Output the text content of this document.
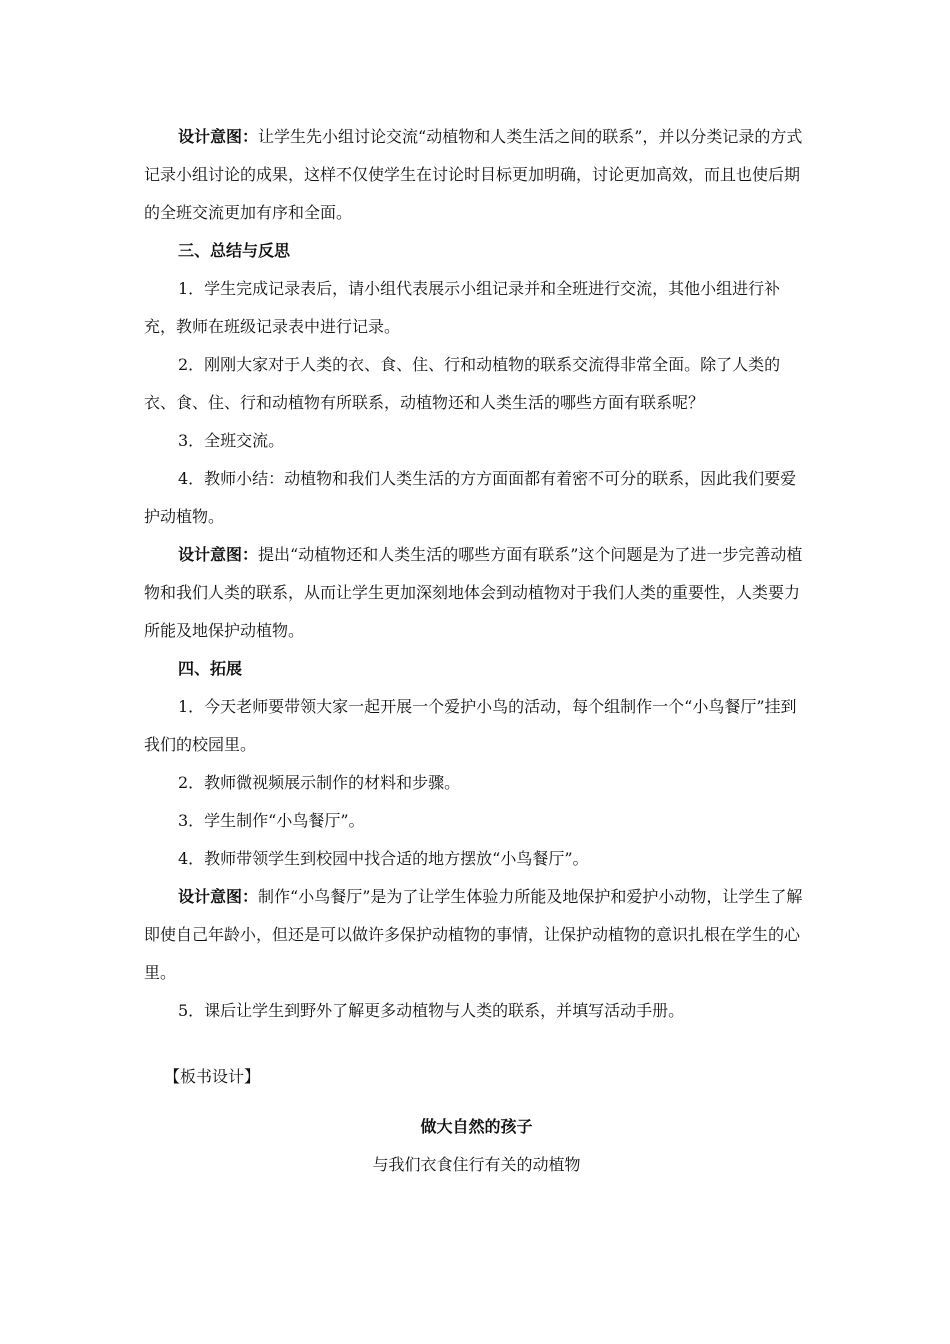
设计意图：让学生先小组讨论交流“动植物和人类生活之间的联系”，并以分类记录的方式记录小组讨论的成果，这样不仅使学生在讨论时目标更加明确，讨论更加高效，而且也使后期的全班交流更加有序和全面。

三、总结与反思

1．学生完成记录表后，请小组代表展示小组记录并和全班进行交流，其他小组进行补充，教师在班级记录表中进行记录。

2．刚刚大家对于人类的衣、食、住、行和动植物的联系交流得非常全面。除了人类的衣、食、住、行和动植物有所联系，动植物还和人类生活的哪些方面有联系呢？

3．全班交流。

4．教师小结：动植物和我们人类生活的方方面面都有着密不可分的联系，因此我们要爱护动植物。

设计意图：提出“动植物还和人类生活的哪些方面有联系”这个问题是为了进一步完善动植物和我们人类的联系，从而让学生更加深刻地体会到动植物对于我们人类的重要性，人类要力所能及地保护动植物。

四、拓展

1．今天老师要带领大家一起开展一个爱护小鸟的活动，每个组制作一个“小鸟餐厅”挂到我们的校园里。

2．教师微视频展示制作的材料和步骤。

3．学生制作“小鸟餐厅”。

4．教师带领学生到校园中找合适的地方摆放“小鸟餐厅”。

设计意图：制作“小鸟餐厅”是为了让学生体验力所能及地保护和爱护小动物，让学生了解即使自己年龄小，但还是可以做许多保护动植物的事情，让保护动植物的意识扎根在学生的心里。

5．课后让学生到野外了解更多动植物与人类的联系，并填写活动手册。

【板书设计】

做大自然的孩子

与我们衣食住行有关的动植物
